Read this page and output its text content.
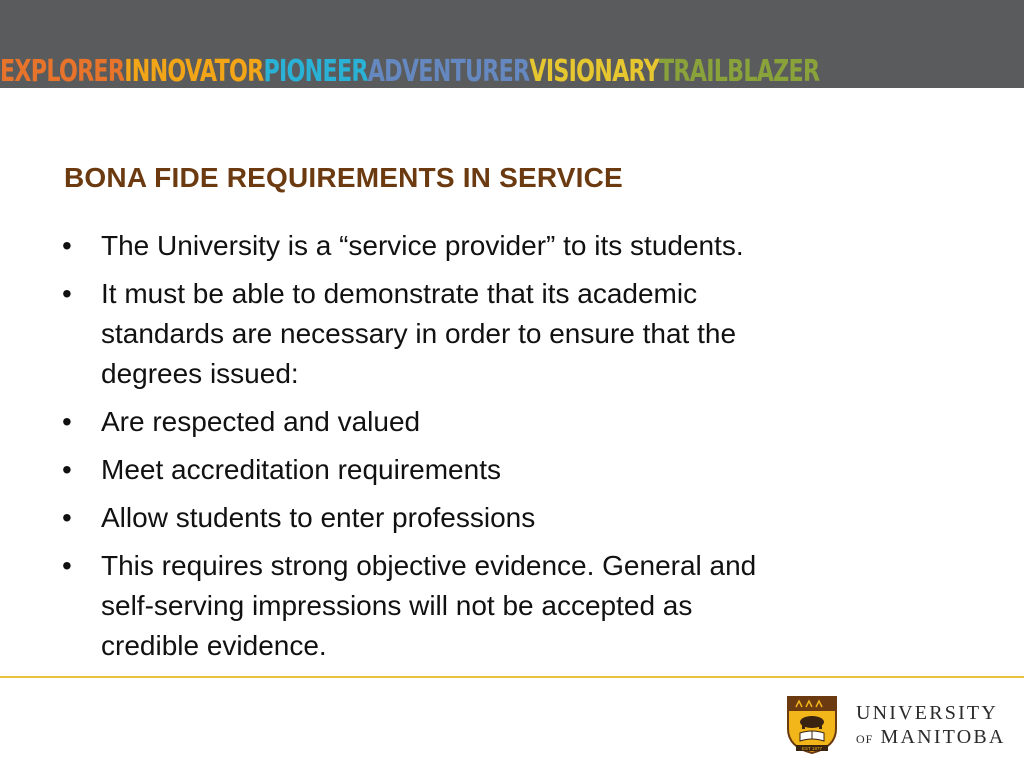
EXPLORERINNOVATORPIONEERADVENTURERVISIONARYTRAILBLAZER
BONA FIDE REQUIREMENTS IN SERVICE
• The University is a “service provider” to its students.
• It must be able to demonstrate that its academic
standards are necessary in order to ensure that the
degrees issued:
• Are respected and valued
• Meet accreditation requirements
• Allow students to enter professions
• This requires strong objective evidence. General and
self-serving impressions will not be accepted as
credible evidence.
EST 1877
UNIVERSITY
OF MANITOBA
